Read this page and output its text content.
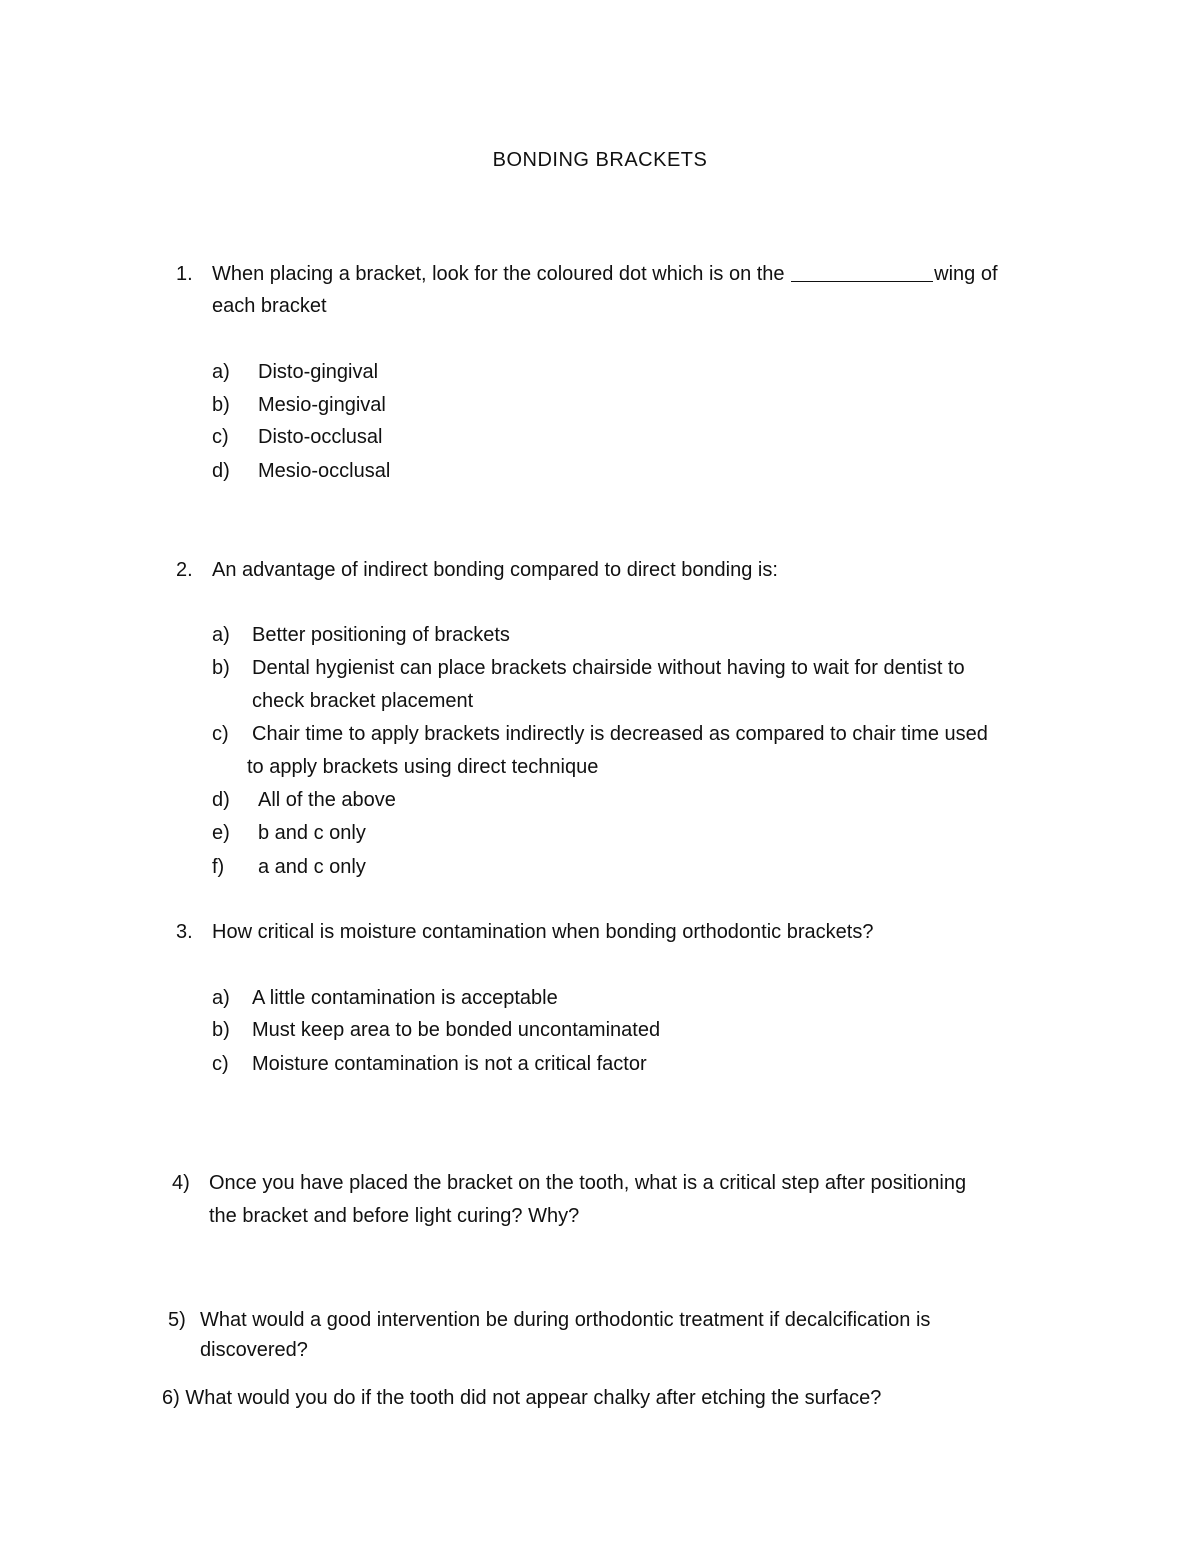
BONDING BRACKETS
1. When placing a bracket, look for the coloured dot which is on the	wing of
each bracket
a) Disto-gingival
b) Mesio-gingival
c) Disto-occlusal
d) Mesio-occlusal
2. An advantage of indirect bonding compared to direct bonding is:
a) Better positioning of brackets
b) Dental hygienist can place brackets chairside without having to wait for dentist to
check bracket placement
c) Chair time to apply brackets indirectly is decreased as compared to chair time used
to apply brackets using direct technique
d) All of the above
e) b and c only
f) a and c only
3. How critical is moisture contamination when bonding orthodontic brackets?
a) A little contamination is acceptable
b) Must keep area to be bonded uncontaminated
c) Moisture contamination is not a critical factor
4) Once you have placed the bracket on the tooth, what is a critical step after positioning
the bracket and before light curing? Why?
5) What would a good intervention be during orthodontic treatment if decalcification is
discovered?
6) What would you do if the tooth did not appear chalky after etching the surface?
